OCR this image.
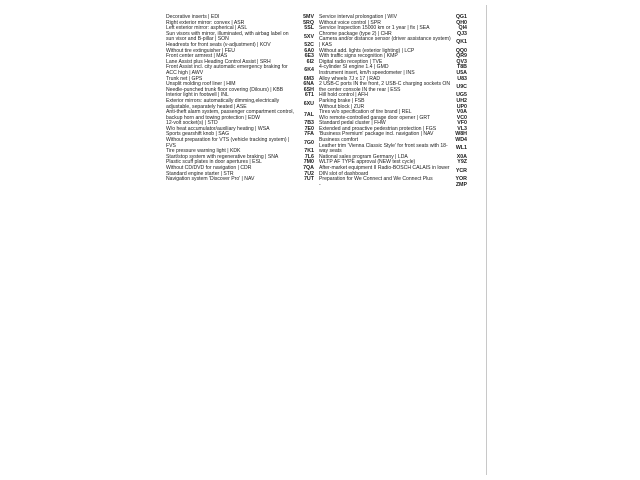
Decorative inserts | EDI	5MV
Right exterior mirror: convex | ASR	5RQ
Left exterior mirror: aspherical | ASL	5SL
Sun visors with mirror, illuminated, with airbag label on sun visor and B-pillar | SON	5XV
Headrests for front seats (v-adjustment) | KOV	52C
Without tire extinguisher | FEU	6A0
Front center armrest | MAS	6E3
Lane Assist plus Heading Control Assist | SRH	6I2
Front Assist incl. city automatic emergency braking for ACC high | AWV	6K4
Trunk net | GPS	6M3
Unsplit molding roof liner | HIM	6NA
Needle-punched trunk floor covering (Dilours) | KBB	6SH
Interior light in footwell | INL	6T1
Exterior mirrors: automatically dimming,electrically adjustable, separately heated | ASE	6XU
Anti-theft alarm system, passenger compartment control, backup horn and towing protection | EDW	7AL
12-volt socket(s) | STD	7B3
W/o heat accumulator/auxiliary heating | WSA	7E0
Sports gearshift knob | SAG	7FA
Without preparation for VTS (vehicle tracking system) | FVS	7G0
Tire pressure warning light | KDK	7K1
Start/stop system with regenerative braking | SNA	7L6
Plastic scuff plates in door apertures | ESL	7M0
Without CD/DVD for navigation | CDR	7QA
Standard engine starter | STR	7U2
Navigation system 'Discover Pro' | NAV	7UT
Service interval prolongation | WIV	QG1
Without voice control | SPR	QH0
Service Inspection 15000 km or 1 year | fix | SEA	QI4
Chrome package (type 2) | CHR	QJ3
Camera and/or distance sensor (driver assistance system) | KAS	QK1
Without add. lights (exterior lighting) | LCP	QQ0
With traffic signs recognition | KMP	QR9
Digital radio reception | TVE	QV3
4-cylinder SI engine 1.4 | GMD	T8B
Instrument insert, km/h speedometer | INS	U5A
Alloy wheels 7J x 17 | RAD	U83
2 USB-C ports IN the front, 2 USB-C charging sockets ON the center console IN the rear | ESS	U9C
Hill hold control | AFH	UG5
Parking brake | FSB	UH2
Without block | ZUR	UP0
Tires w/o specification of tire brand | REL	V0A
W/o remote-controlled garage door opener | GRT	VC0
Standard pedal cluster | FHW	VF0
Extended and proactive pedestrian protection | FGS	VL3
'Business Premium' package incl. navigation | NAV	W8H
Business comfort	WD4
Leather trim 'Vienna Classic Style' for front seats with 18-way seats	WL1
National sales program Germany | LDA	X0A
WLTP AF TYPE approval (NEW test cycle)	Y9Z
After-market equipment II Radio-BOSCH CALAIS in lower DIN slot of dashboard	YCR
Preparation for We Connect and We Connect Plus	YOR
-	ZMP
